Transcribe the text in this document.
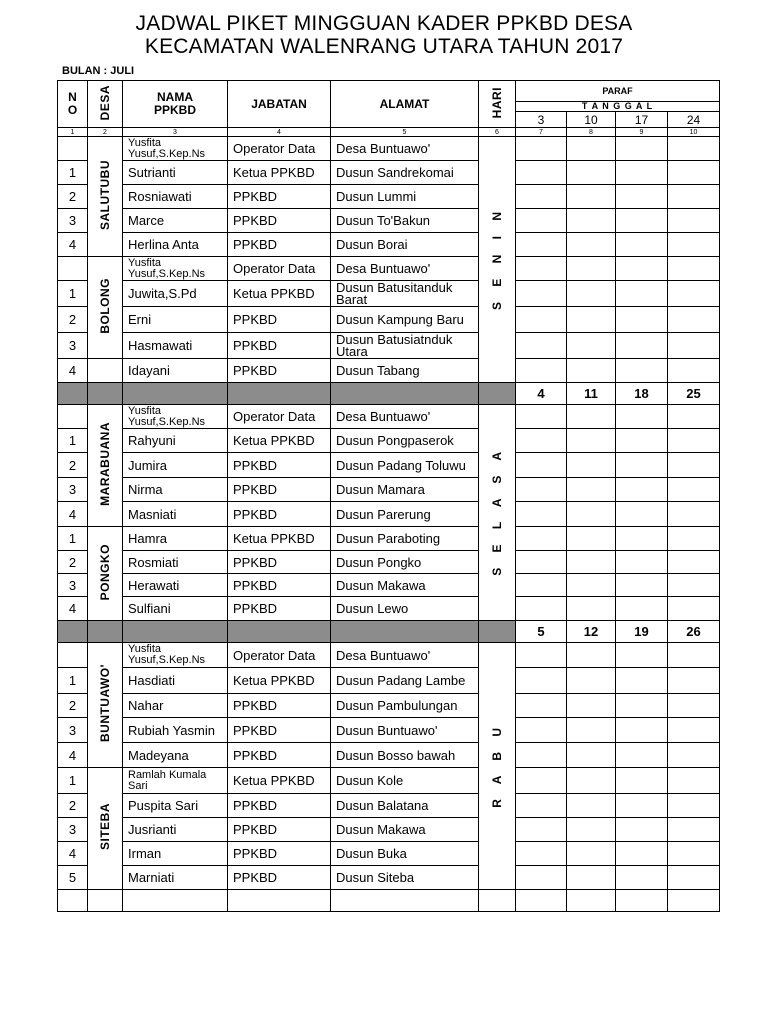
JADWAL PIKET MINGGUAN KADER PPKBD DESA
KECAMATAN WALENRANG UTARA TAHUN 2017
BULAN : JULI
N O	DESA	NAMA PPKBD	JABATAN	ALAMAT	HARI	PARAF			
						T A N G G A L			
						3	10	17	24
1	2	3	4	5	6	7	8	9	10
	SALUTUBU	Yusfita Yusuf,S.Kep.Ns	Operator Data	Desa Buntuawo'	S E N I N				
1		Sutrianti	Ketua PPKBD	Dusun Sandrekomai					
2		Rosniawati	PPKBD	Dusun Lummi					
3		Marce	PPKBD	Dusun To'Bakun					
4		Herlina Anta	PPKBD	Dusun Borai					
	BOLONG	Yusfita Yusuf,S.Kep.Ns	Operator Data	Desa Buntuawo'					
1		Juwita,S.Pd	Ketua PPKBD	Dusun Batusitanduk Barat					
2		Erni	PPKBD	Dusun Kampung Baru					
3		Hasmawati	PPKBD	Dusun Batusiatnduk Utara					
4		Idayani	PPKBD	Dusun Tabang					
						4	11	18	25
	MARABUANA	Yusfita Yusuf,S.Kep.Ns	Operator Data	Desa Buntuawo'	S E L A S A				
1		Rahyuni	Ketua PPKBD	Dusun Pongpaserok					
2		Jumira	PPKBD	Dusun Padang Toluwu					
3		Nirma	PPKBD	Dusun Mamara					
4		Masniati	PPKBD	Dusun Parerung					
1	PONGKO	Hamra	Ketua PPKBD	Dusun Paraboting					
2		Rosmiati	PPKBD	Dusun Pongko					
3		Herawati	PPKBD	Dusun Makawa					
4		Sulfiani	PPKBD	Dusun Lewo					
						5	12	19	26
	BUNTUAWO'	Yusfita Yusuf,S.Kep.Ns	Operator Data	Desa Buntuawo'	R A B U				
1		Hasdiati	Ketua PPKBD	Dusun Padang Lambe					
2		Nahar	PPKBD	Dusun Pambulungan					
3		Rubiah Yasmin	PPKBD	Dusun Buntuawo'					
4		Madeyana	PPKBD	Dusun Bosso bawah					
1	SITEBA	Ramlah Kumala Sari	Ketua PPKBD	Dusun Kole					
2		Puspita Sari	PPKBD	Dusun Balatana					
3		Jusrianti	PPKBD	Dusun Makawa					
4		Irman	PPKBD	Dusun Buka					
5		Marniati	PPKBD	Dusun Siteba					
